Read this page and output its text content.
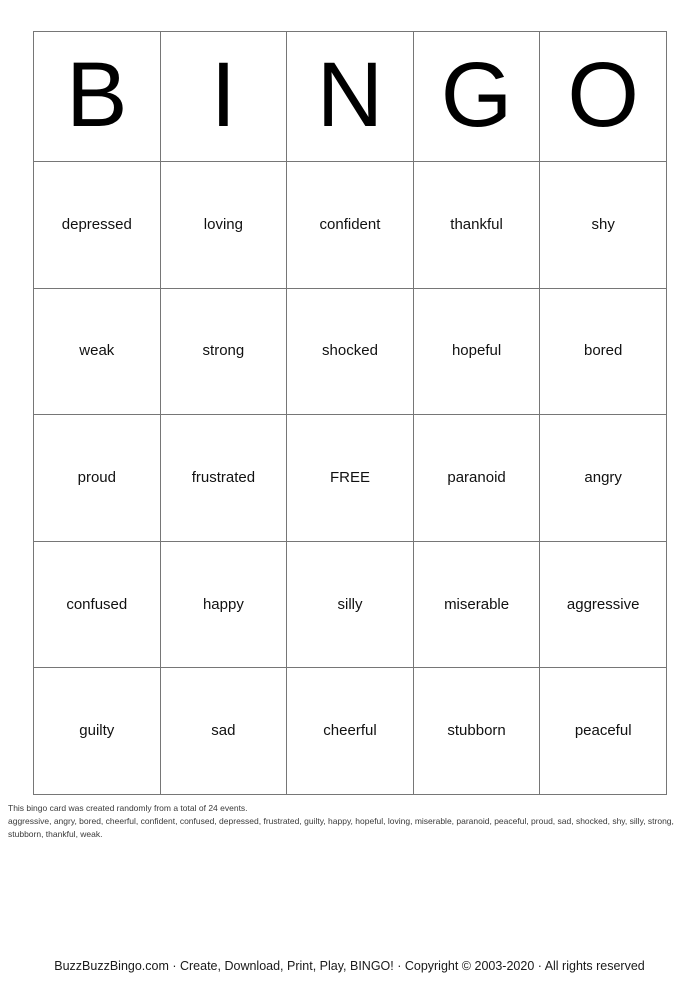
B I N G O
depressed	loving	confident	thankful	shy
weak	strong	shocked	hopeful	bored
proud	frustrated	FREE	paranoid	angry
confused	happy	silly	miserable	aggressive
guilty	sad	cheerful	stubborn	peaceful
This bingo card was created randomly from a total of 24 events.
aggressive, angry, bored, cheerful, confident, confused, depressed, frustrated, guilty, happy, hopeful, loving, miserable, paranoid, peaceful, proud, sad, shocked, shy, silly, strong, stubborn, thankful, weak.
BuzzBuzzBingo.com · Create, Download, Print, Play, BINGO! · Copyright © 2003-2020 · All rights reserved
